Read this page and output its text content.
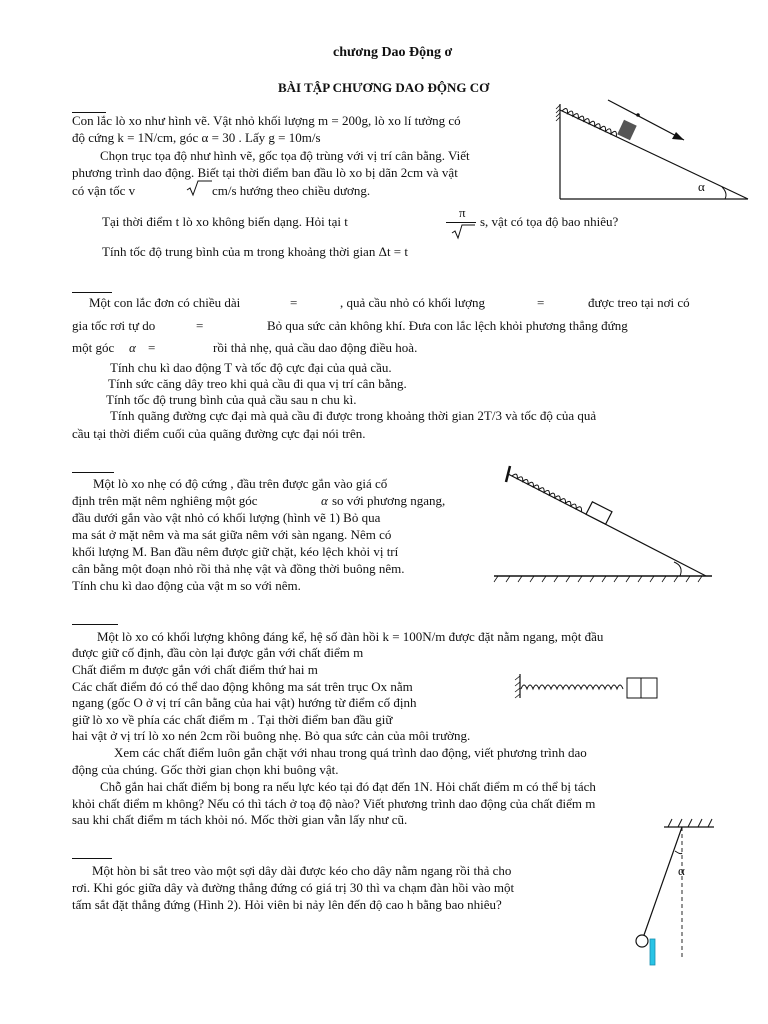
chương Dao Động ơ
BÀI TẬP CHƯƠNG DAO ĐỘNG CƠ
Con lắc lò xo như hình vẽ. Vật nhỏ khối lượng m = 200g, lò xo lí tưởng có
độ cứng k = 1N/cm, góc α = 30 . Lấy g = 10m/s
Chọn trục tọa độ như hình vẽ, gốc tọa độ trùng với vị trí cân bằng. Viết
phương trình dao động. Biết tại thời điểm ban đầu lò xo bị dãn 2cm và vật
có vận tốc v	cm/s hướng theo chiều dương.	α
Tại thời điểm t lò xo không biến dạng. Hỏi tại t
π
s, vật có tọa độ bao nhiêu?
Tính tốc độ trung bình của m trong khoảng thời gian Δt = t
Một con lắc đơn có chiều dài	=	, quả cầu nhỏ có khối lượng	=	được treo tại nơi có
gia tốc rơi tự do	=	Bỏ qua sức cản không khí. Đưa con lắc lệch khỏi phương thẳng đứng
một góc α =	rồi thả nhẹ, quả cầu dao động điều hoà.
Tính chu kì dao động T và tốc độ cực đại của quả cầu.
Tính sức căng dây treo khi quả cầu đi qua vị trí cân bằng.
Tính tốc độ trung bình của quả cầu sau n chu kì.
Tính quãng đường cực đại mà quả cầu đi được trong khoảng thời gian 2T/3 và tốc độ của quả
cầu tại thời điểm cuối của quãng đường cực đại nói trên.
Một lò xo nhẹ có độ cứng , đầu trên được gắn vào giá cố
định trên mặt nêm nghiêng một góc	α so với phương ngang,
đầu dưới gắn vào vật nhỏ có khối lượng (hình vẽ 1) Bỏ qua
ma sát ở mặt nêm và ma sát giữa nêm với sàn ngang. Nêm có
khối lượng M. Ban đầu nêm được giữ chặt, kéo lệch khỏi vị trí
cân bằng một đoạn nhỏ rồi thả nhẹ vật và đồng thời buông nêm.
Tính chu kì dao động của vật m so với nêm.
Một lò xo có khối lượng không đáng kể, hệ số đàn hồi k = 100N/m được đặt nằm ngang, một đầu
được giữ cố định, đầu còn lại được gắn với chất điểm m
Chất điểm m được gắn với chất điểm thứ hai m
Các chất điểm đó có thể dao động không ma sát trên trục Ox nằm
ngang (gốc O ở vị trí cân bằng của hai vật) hướng từ điểm cố định
giữ lò xo về phía các chất điểm m . Tại thời điểm ban đầu giữ
hai vật ở vị trí lò xo nén 2cm rồi buông nhẹ. Bỏ qua sức cản của môi trường.
Xem các chất điểm luôn gắn chặt với nhau trong quá trình dao động, viết phương trình dao
động của chúng. Gốc thời gian chọn khi buông vật.
Chỗ gắn hai chất điểm bị bong ra nếu lực kéo tại đó đạt đến 1N. Hỏi chất điểm m có thể bị tách
khỏi chất điểm m không? Nếu có thì tách ở toạ độ nào? Viết phương trình dao động của chất điểm m
sau khi chất điểm m tách khỏi nó. Mốc thời gian vẫn lấy như cũ.
Một hòn bi sắt treo vào một sợi dây dài được kéo cho dây nằm ngang rồi thả cho
rơi. Khi góc giữa dây và đường thẳng đứng có giá trị 30 thì va chạm đàn hồi vào một
tấm sắt đặt thẳng đứng (Hình 2). Hỏi viên bi nảy lên đến độ cao h bằng bao nhiêu?
α
